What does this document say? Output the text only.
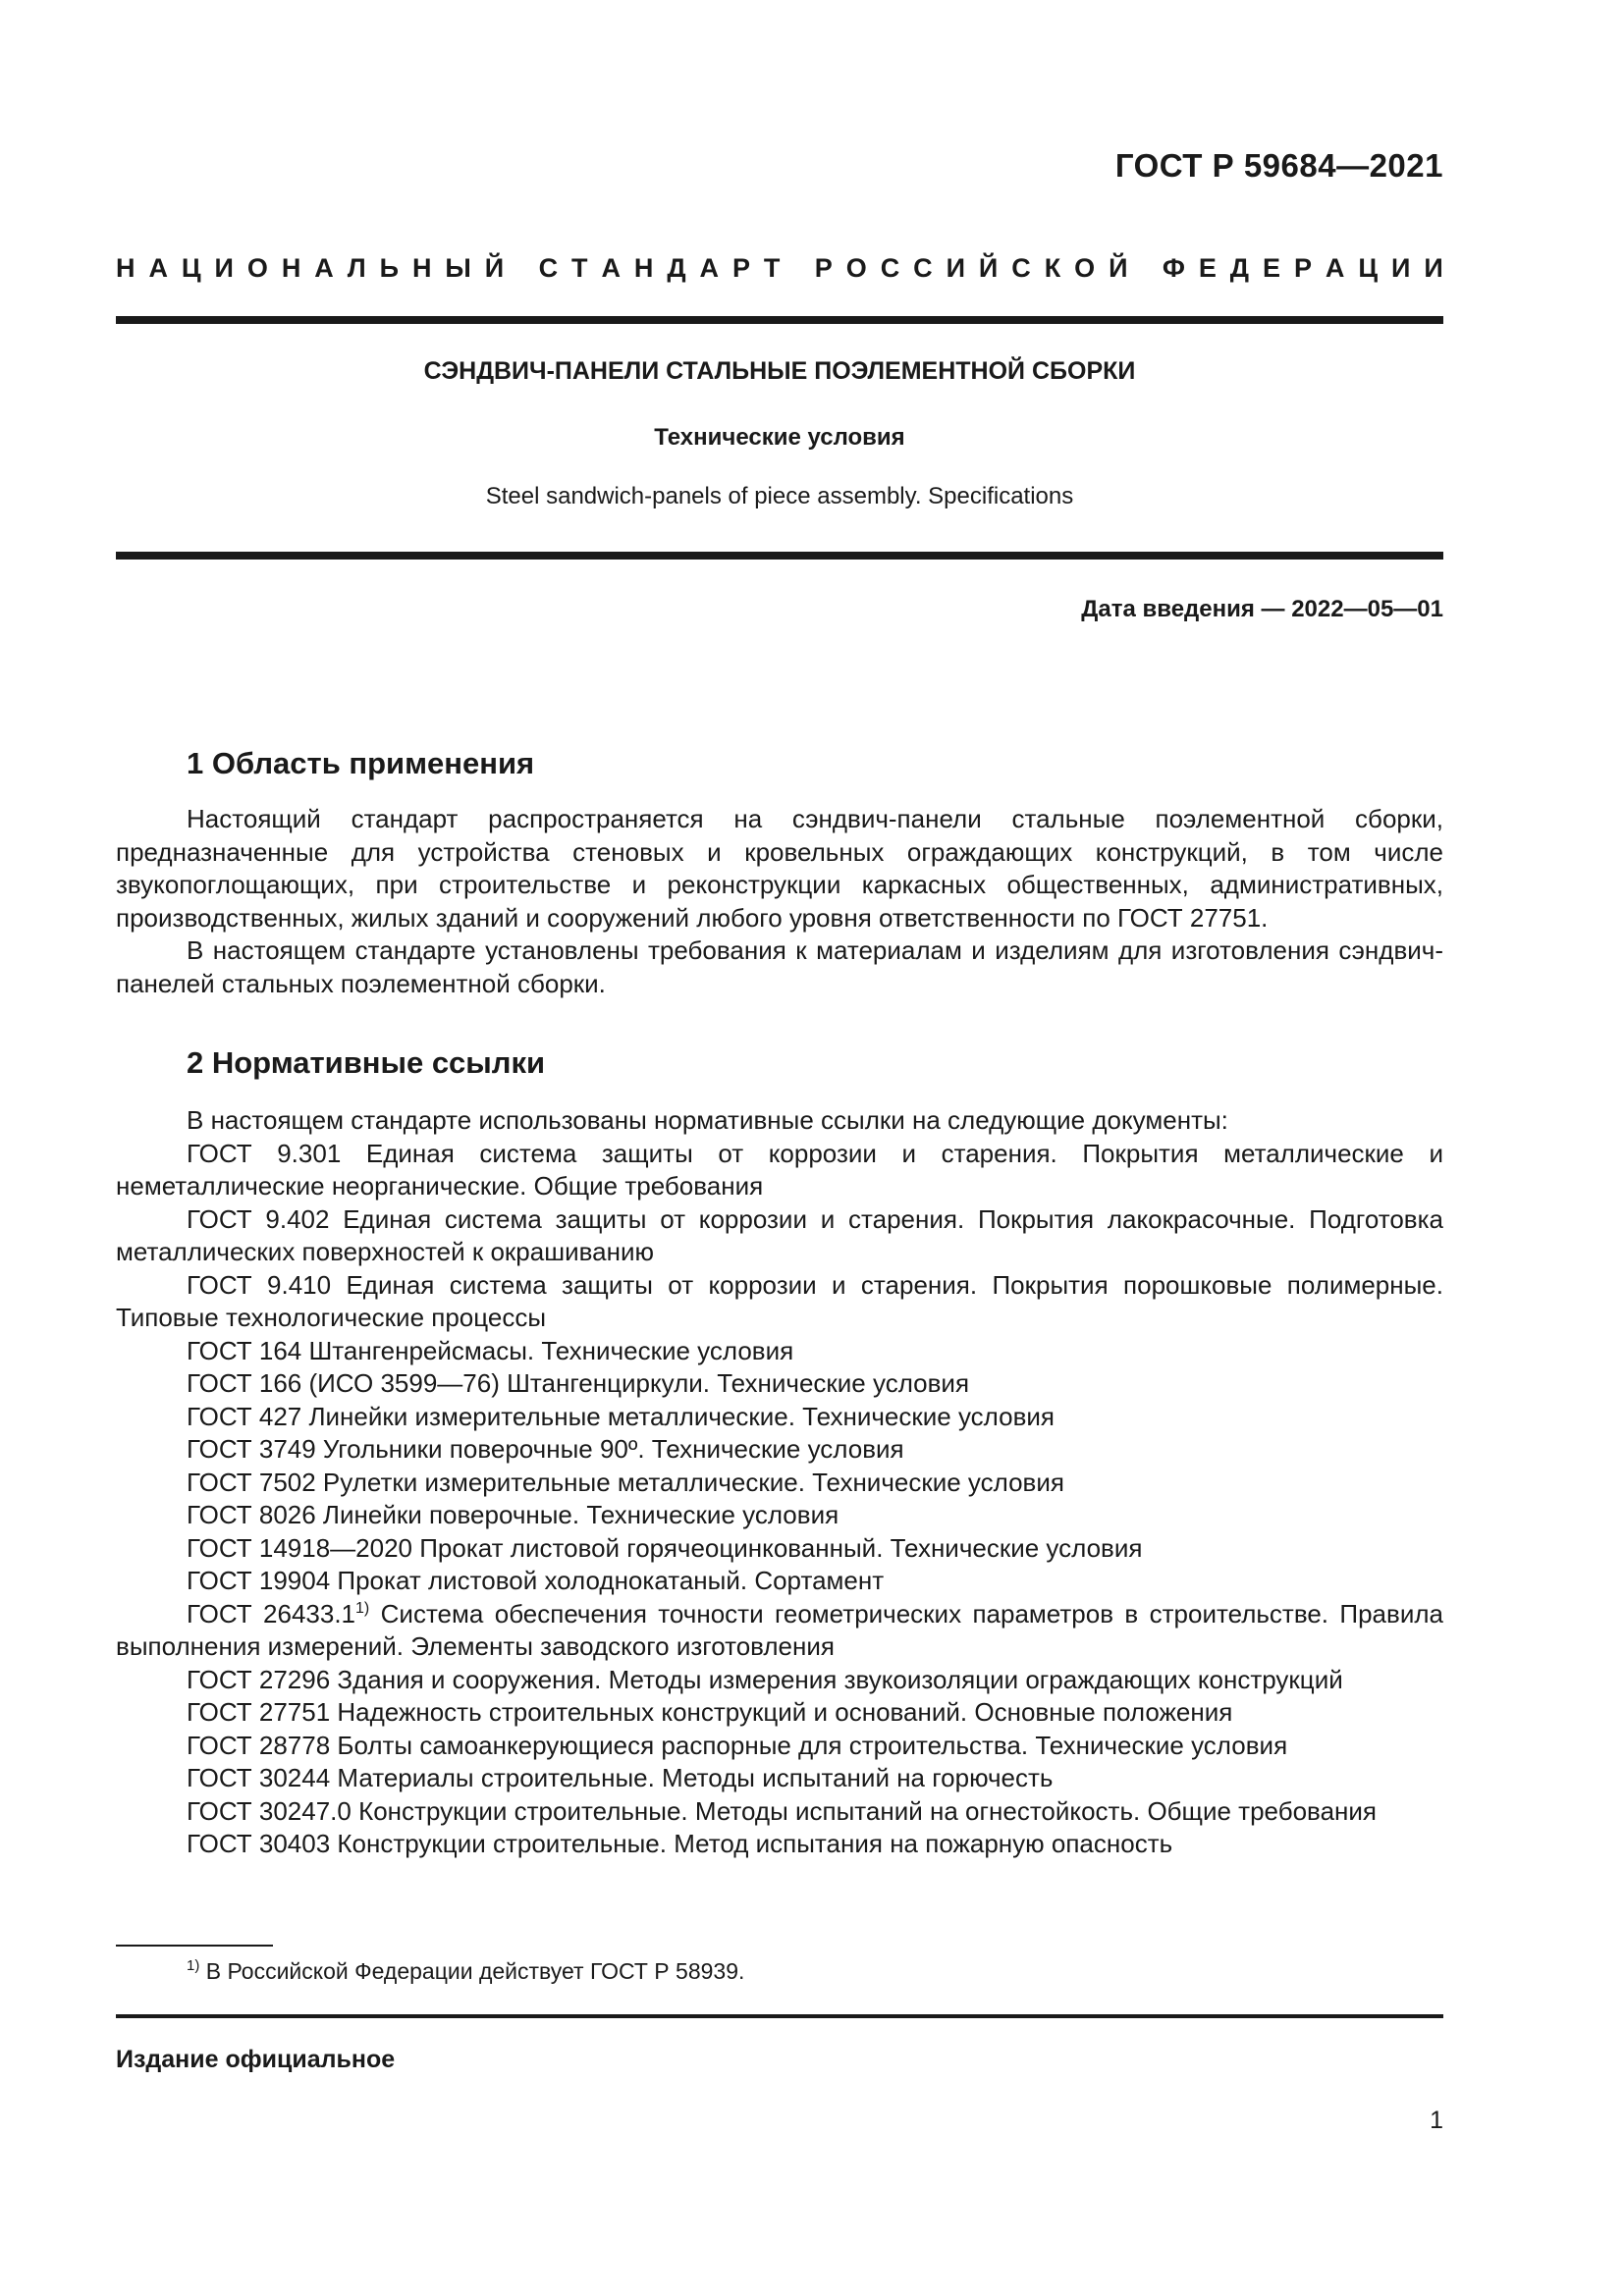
ГОСТ Р 59684—2021
Н А Ц И О Н А Л Ь Н Ы Й
С Т А Н Д А Р Т
Р О С С И Й С К О Й
Ф Е Д Е Р А Ц И И
СЭНДВИЧ-ПАНЕЛИ СТАЛЬНЫЕ ПОЭЛЕМЕНТНОЙ СБОРКИ
Технические условия
Steel sandwich-panels of piece assembly. Specifications
Дата введения — 2022—05—01
1 Область применения

Настоящий стандарт распространяется на сэндвич-панели стальные поэлементной сборки, предназначенные для устройства стеновых и кровельных ограждающих конструкций, в том числе звукопоглощающих, при строительстве и реконструкции каркасных общественных, административных, производственных, жилых зданий и сооружений любого уровня ответственности по ГОСТ 27751.

В настоящем стандарте установлены требования к материалам и изделиям для изготовления сэндвич-панелей стальных поэлементной сборки.

2 Нормативные ссылки

В настоящем стандарте использованы нормативные ссылки на следующие документы:

ГОСТ 9.301 Единая система защиты от коррозии и старения. Покрытия металлические и неметаллические неорганические. Общие требования

ГОСТ 9.402 Единая система защиты от коррозии и старения. Покрытия лакокрасочные. Подготовка металлических поверхностей к окрашиванию

ГОСТ 9.410 Единая система защиты от коррозии и старения. Покрытия порошковые полимерные. Типовые технологические процессы

ГОСТ 164 Штангенрейсмасы. Технические условия

ГОСТ 166 (ИСО 3599—76) Штангенциркули. Технические условия

ГОСТ 427 Линейки измерительные металлические. Технические условия

ГОСТ 3749 Угольники поверочные 90º. Технические условия

ГОСТ 7502 Рулетки измерительные металлические. Технические условия

ГОСТ 8026 Линейки поверочные. Технические условия

ГОСТ 14918—2020 Прокат листовой горячеоцинкованный. Технические условия

ГОСТ 19904 Прокат листовой холоднокатаный. Сортамент

ГОСТ 26433.1$^{1)}$ Система обеспечения точности геометрических параметров в строительстве. Правила выполнения измерений. Элементы заводского изготовления

ГОСТ 27296 Здания и сооружения. Методы измерения звукоизоляции ограждающих конструкций

ГОСТ 27751 Надежность строительных конструкций и оснований. Основные положения

ГОСТ 28778 Болты самоанкерующиеся распорные для строительства. Технические условия

ГОСТ 30244 Материалы строительные. Методы испытаний на горючесть

ГОСТ 30247.0 Конструкции строительные. Методы испытаний на огнестойкость. Общие требования

ГОСТ 30403 Конструкции строительные. Метод испытания на пожарную опасность

$^{1)}$ В Российской Федерации действует ГОСТ Р 58939.
Издание официальное
1
